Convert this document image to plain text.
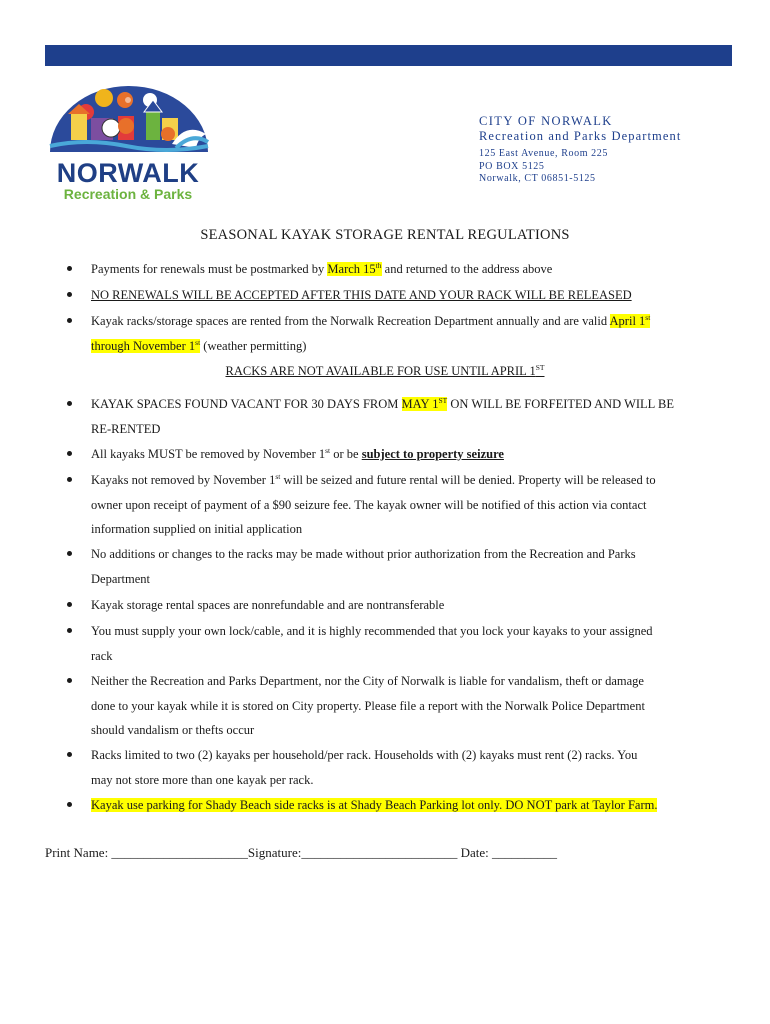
NORWALK
Recreation & Parks
CITY OF NORWALK
Recreation and Parks Department
125 East Avenue, Room 225
PO BOX 5125
Norwalk, CT 06851-5125
SEASONAL KAYAK STORAGE RENTAL REGULATIONS
Payments for renewals must be postmarked by March 15th and returned to the address above
NO RENEWALS WILL BE ACCEPTED AFTER THIS DATE AND YOUR RACK WILL BE RELEASED
Kayak racks/storage spaces are rented from the Norwalk Recreation Department annually and are valid April 1st
through November 1st (weather permitting)
RACKS ARE NOT AVAILABLE FOR USE UNTIL APRIL 1ST
KAYAK SPACES FOUND VACANT FOR 30 DAYS FROM MAY 1ST ON WILL BE FORFEITED AND WILL BE
RE-RENTED
All kayaks MUST be removed by November 1st or be subject to property seizure
Kayaks not removed by November 1st will be seized and future rental will be denied. Property will be released to
owner upon receipt of payment of a $90 seizure fee. The kayak owner will be notified of this action via contact
information supplied on initial application
No additions or changes to the racks may be made without prior authorization from the Recreation and Parks
Department
Kayak storage rental spaces are nonrefundable and are nontransferable
You must supply your own lock/cable, and it is highly recommended that you lock your kayaks to your assigned
rack
Neither the Recreation and Parks Department, nor the City of Norwalk is liable for vandalism, theft or damage
done to your kayak while it is stored on City property. Please file a report with the Norwalk Police Department
should vandalism or thefts occur
Racks limited to two (2) kayaks per household/per rack. Households with (2) kayaks must rent (2) racks. You
may not store more than one kayak per rack.
Kayak use parking for Shady Beach side racks is at Shady Beach Parking lot only. DO NOT park at Taylor Farm.
Print Name: _____________________Signature:________________________ Date: __________
